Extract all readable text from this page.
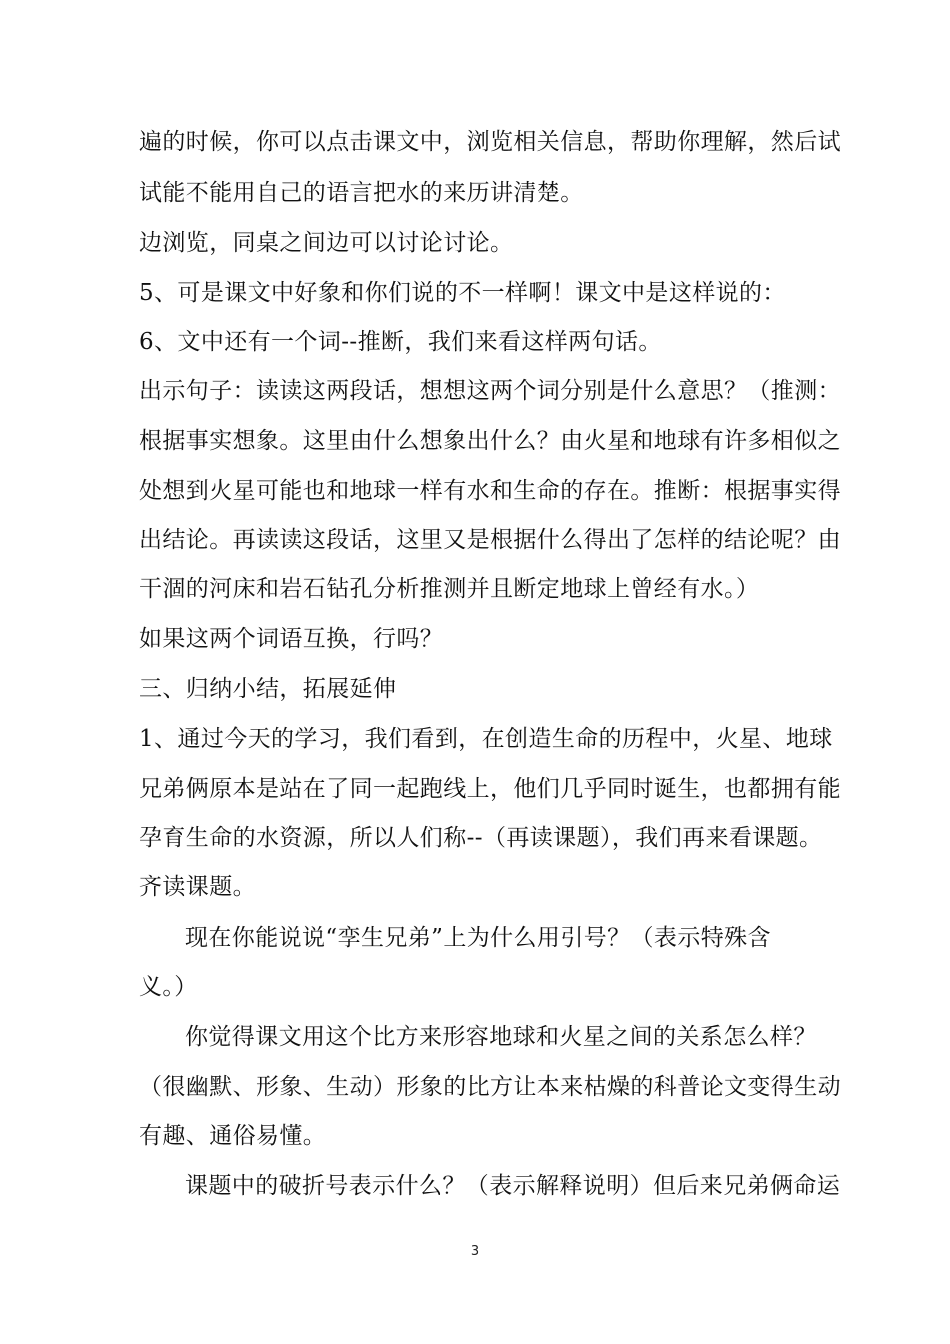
遍的时候，你可以点击课文中，浏览相关信息，帮助你理解，然后试
试能不能用自己的语言把水的来历讲清楚。
边浏览，同桌之间边可以讨论讨论。
5、可是课文中好象和你们说的不一样啊！课文中是这样说的：
6、文中还有一个词--推断，我们来看这样两句话。
出示句子：读读这两段话，想想这两个词分别是什么意思？（推测：
根据事实想象。这里由什么想象出什么？由火星和地球有许多相似之
处想到火星可能也和地球一样有水和生命的存在。推断：根据事实得
出结论。再读读这段话，这里又是根据什么得出了怎样的结论呢？由
干涸的河床和岩石钻孔分析推测并且断定地球上曾经有水。）
如果这两个词语互换，行吗？
三、归纳小结，拓展延伸
1、通过今天的学习，我们看到，在创造生命的历程中，火星、地球
兄弟俩原本是站在了同一起跑线上，他们几乎同时诞生，也都拥有能
孕育生命的水资源，所以人们称--（再读课题），我们再来看课题。
齐读课题。
现在你能说说“孪生兄弟”上为什么用引号？（表示特殊含
义。）
你觉得课文用这个比方来形容地球和火星之间的关系怎么样？
（很幽默、形象、生动）形象的比方让本来枯燥的科普论文变得生动
有趣、通俗易懂。
课题中的破折号表示什么？（表示解释说明）但后来兄弟俩命运
3
